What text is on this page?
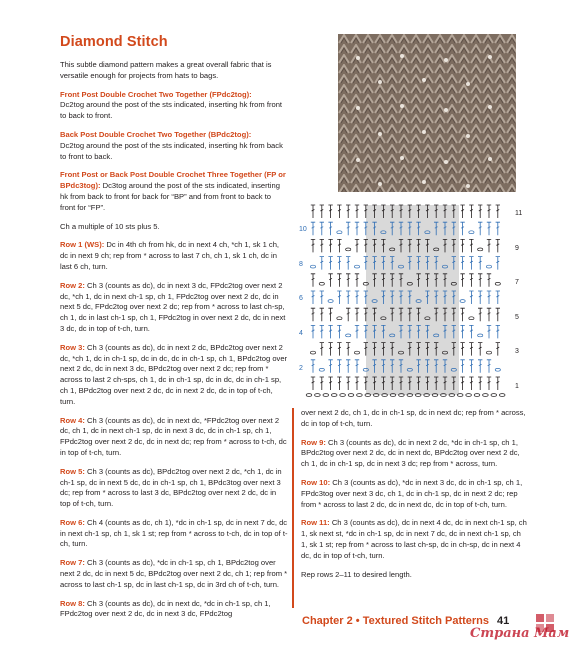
Diamond Stitch

This subtle diamond pattern makes a great overall fabric that is versatile enough for projects from hats to bags.

Front Post Double Crochet Two Together (FPdc2tog):
Dc2tog around the post of the sts indicated, inserting hk from front to back to front.

Back Post Double Crochet Two Together (BPdc2tog):
Dc2tog around the post of the sts indicated, inserting hk from back to front to back.

Front Post or Back Post Double Crochet Three Together (FP or BPdc3tog): Dc3tog around the post of the sts indicated, inserting hk from back to front for back for “BP” and from front to back to front for “FP”.

Ch a multiple of 10 sts plus 5.

Row 1 (WS): Dc in 4th ch from hk, dc in next 4 ch, *ch 1, sk 1 ch, dc in next 9 ch; rep from * across to last 7 ch, ch 1, sk 1 ch, dc in last 6 ch, turn.

Row 2: Ch 3 (counts as dc), dc in next 3 dc, FPdc2tog over next 2 dc, *ch 1, dc in next ch-1 sp, ch 1, FPdc2tog over next 2 dc, dc in next 5 dc, FPdc2tog over next 2 dc; rep from * across to last ch-sp, ch 1, dc in last ch-1 sp, ch 1, FPdc2tog in over next 2 dc, dc in next 3 dc, dc in top of t-ch, turn.

Row 3: Ch 3 (counts as dc), dc in next 2 dc, BPdc2tog over next 2 dc, *ch 1, dc in ch-1 sp, dc in dc, dc in ch-1 sp, ch 1, BPdc2tog over next 2 dc, dc in next 3 dc, BPdc2tog over next 2 dc; rep from * across to last 2 ch-sps, ch 1, dc in ch-1 sp, dc in dc, dc in ch-1 sp, ch 1, BPdc2tog over next 2 dc, dc in next 2 dc, dc in top of t-ch, turn.

Row 4: Ch 3 (counts as dc), dc in next dc, *FPdc2tog over next 2 dc, ch 1, dc in next ch-1 sp, dc in next 3 dc, dc in ch-1 sp, ch 1, FPdc2tog over next 2 dc, dc in next dc; rep from * across to t-ch, dc in top of t-ch, turn.

Row 5: Ch 3 (counts as dc), BPdc2tog over next 2 dc, *ch 1, dc in ch-1 sp, dc in next 5 dc, dc in ch-1 sp, ch 1, BPdc3tog over next 3 dc; rep from * across to last 3 dc, BPdc2tog over next 2 dc, dc in top of t-ch, turn.

Row 6: Ch 4 (counts as dc, ch 1), *dc in ch-1 sp, dc in next 7 dc, dc in next ch-1 sp, ch 1, sk 1 st; rep from * across to t-ch, dc in top of t-ch, turn.

Row 7: Ch 3 (counts as dc), *dc in ch-1 sp, ch 1, BPdc2tog over next 2 dc, dc in next 5 dc, BPdc2tog over next 2 dc, ch 1; rep from * across to last ch-1 sp, dc in last ch-1 sp, dc in 3rd ch of t-ch, turn.

Row 8: Ch 3 (counts as dc), dc in next dc, *dc in ch-1 sp, ch 1, FPdc2tog over next 2 dc, dc in next 3 dc, FPdc2tog

10
8
6
4
2
11
9
7
5
3
1

over next 2 dc, ch 1, dc in ch-1 sp, dc in next dc; rep from * across, dc in top of t-ch, turn.

Row 9: Ch 3 (counts as dc), dc in next 2 dc, *dc in ch-1 sp, ch 1, BPdc2tog over next 2 dc, dc in next dc, BPdc2tog over next 2 dc, ch 1, dc in ch-1 sp, dc in next 3 dc; rep from * across, turn.

Row 10: Ch 3 (counts as dc), *dc in next 3 dc, dc in ch-1 sp, ch 1, FPdc3tog over next 3 dc, ch 1, dc in ch-1 sp, dc in next 2 dc; rep from * across to last 2 dc, dc in next dc, dc in top of t-ch, turn.

Row 11: Ch 3 (counts as dc), dc in next 4 dc, dc in next ch-1 sp, ch 1, sk next st, *dc in ch-1 sp, dc in next 7 dc, dc in next ch-1 sp, ch 1, sk 1 st; rep from * across to last ch-sp, dc in ch-sp, dc in next 4 dc, dc in top of t-ch, turn.

Rep rows 2–11 to desired length.

Chapter 2 • Textured Stitch Patterns 41
Страна Мам
